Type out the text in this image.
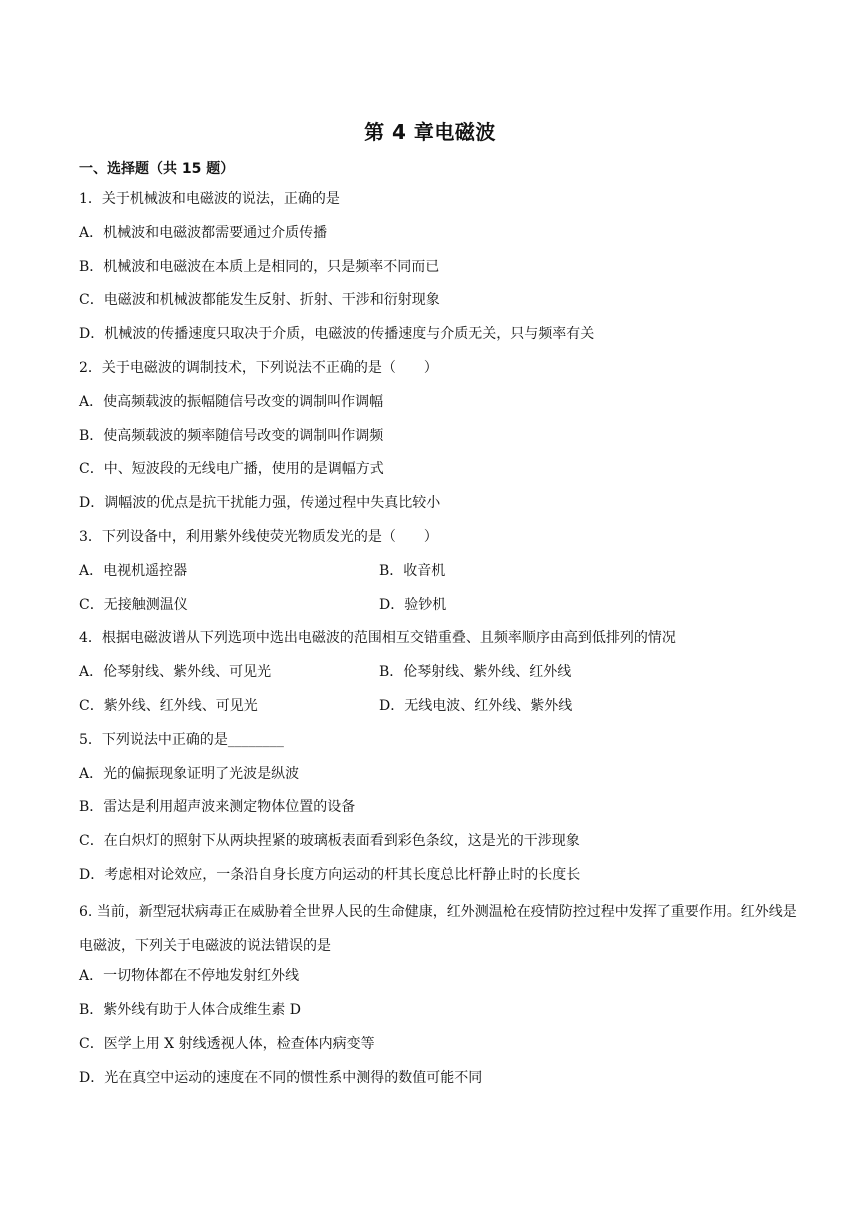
第 4 章电磁波
一、选择题（共 15 题）
1．关于机械波和电磁波的说法，正确的是
A．机械波和电磁波都需要通过介质传播
B．机械波和电磁波在本质上是相同的，只是频率不同而已
C．电磁波和机械波都能发生反射、折射、干涉和衍射现象
D．机械波的传播速度只取决于介质，电磁波的传播速度与介质无关，只与频率有关
2．关于电磁波的调制技术，下列说法不正确的是（　　）
A．使高频载波的振幅随信号改变的调制叫作调幅
B．使高频载波的频率随信号改变的调制叫作调频
C．中、短波段的无线电广播，使用的是调幅方式
D．调幅波的优点是抗干扰能力强，传递过程中失真比较小
3．下列设备中，利用紫外线使荧光物质发光的是（　　）
A．电视机遥控器	B．收音机
C．无接触测温仪	D．验钞机
4．根据电磁波谱从下列选项中选出电磁波的范围相互交错重叠、且频率顺序由高到低排列的情况
A．伦琴射线、紫外线、可见光	B．伦琴射线、紫外线、红外线
C．紫外线、红外线、可见光	D．无线电波、红外线、紫外线
5．下列说法中正确的是________
A．光的偏振现象证明了光波是纵波
B．雷达是利用超声波来测定物体位置的设备
C．在白炽灯的照射下从两块捏紧的玻璃板表面看到彩色条纹，这是光的干涉现象
D．考虑相对论效应，一条沿自身长度方向运动的杆其长度总比杆静止时的长度长
6. 当前，新型冠状病毒正在威胁着全世界人民的生命健康，红外测温枪在疫情防控过程中发挥了重要作用。红外线是电磁波，下列关于电磁波的说法错误的是
A．一切物体都在不停地发射红外线
B．紫外线有助于人体合成维生素 D
C．医学上用 X 射线透视人体，检查体内病变等
D．光在真空中运动的速度在不同的惯性系中测得的数值可能不同
